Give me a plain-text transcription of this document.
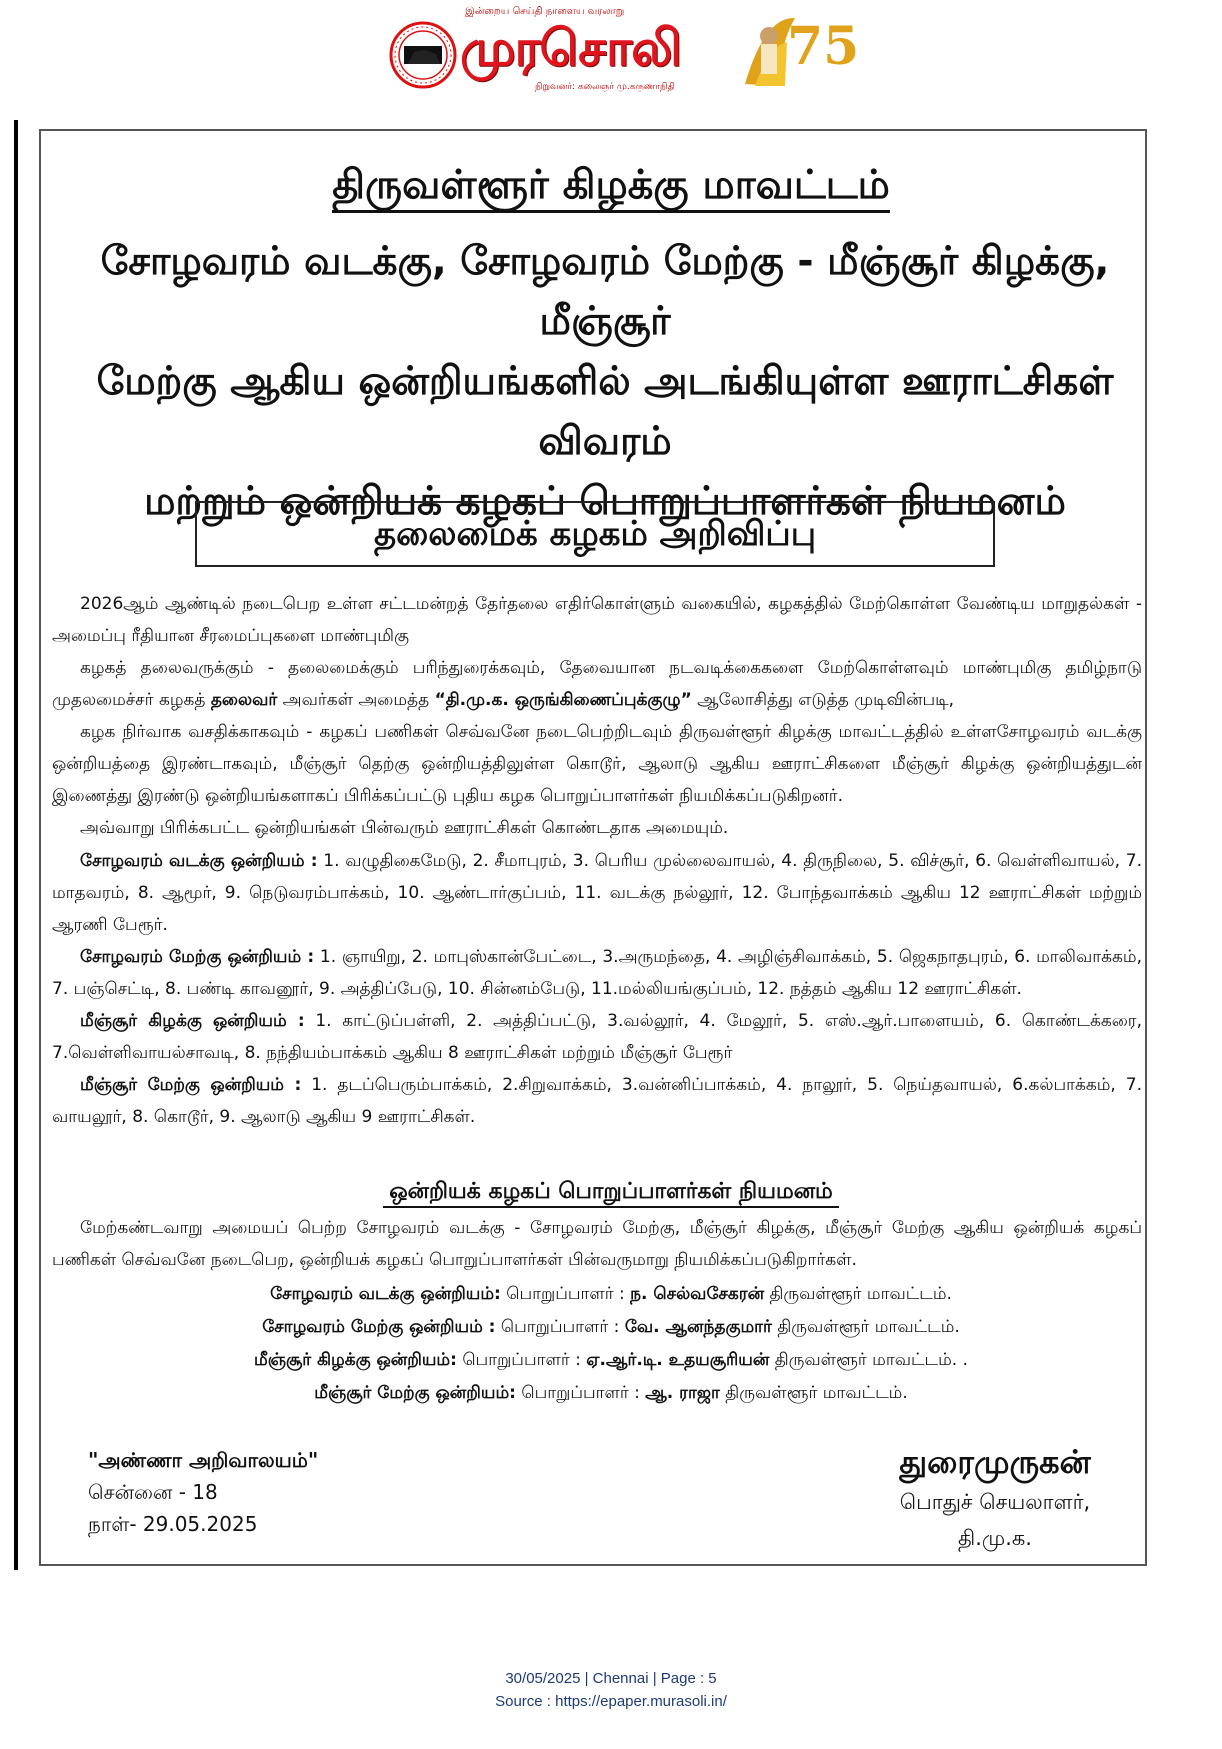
இன்றைய செய்தி நாளைய வரலாறு
முரசொலி
நிறுவனர்: கலைஞர் மு.கருணாநிதி
75
திருவள்ளூர் கிழக்கு மாவட்டம்
சோழவரம் வடக்கு, சோழவரம் மேற்கு - மீஞ்சூர் கிழக்கு, மீஞ்சூர்
மேற்கு ஆகிய ஒன்றியங்களில் அடங்கியுள்ள ஊராட்சிகள் விவரம்
மற்றும் ஒன்றியக் கழகப் பொறுப்பாளர்கள் நியமனம்
தலைமைக் கழகம் அறிவிப்பு

2026ஆம் ஆண்டில் நடைபெற உள்ள சட்டமன்றத் தேர்தலை எதிர்கொள்ளும் வகையில், கழகத்தில் மேற்கொள்ள வேண்டிய மாறுதல்கள் - அமைப்பு ரீதியான சீரமைப்புகளை மாண்புமிகு

கழகத் தலைவருக்கும் - தலைமைக்கும் பரிந்துரைக்கவும், தேவையான நடவடிக்கைகளை மேற்கொள்ளவும் மாண்புமிகு தமிழ்நாடு முதலமைச்சர் கழகத் தலைவர் அவர்கள் அமைத்த “தி.மு.க. ஒருங்கிணைப்புக்குழு” ஆலோசித்து எடுத்த முடிவின்படி,

கழக நிர்வாக வசதிக்காகவும் - கழகப் பணிகள் செவ்வனே நடைபெற்றிடவும் திருவள்ளூர் கிழக்கு மாவட்டத்தில் உள்ளசோழவரம் வடக்கு ஒன்றியத்தை இரண்டாகவும், மீஞ்சூர் தெற்கு ஒன்றியத்திலுள்ள கொடூர், ஆலாடு ஆகிய ஊராட்சிகளை மீஞ்சூர் கிழக்கு ஒன்றியத்துடன் இணைத்து இரண்டு ஒன்றியங்களாகப் பிரிக்கப்பட்டு புதிய கழக பொறுப்பாளர்கள் நியமிக்கப்படுகிறனர்.

அவ்வாறு பிரிக்கபட்ட ஒன்றியங்கள் பின்வரும் ஊராட்சிகள் கொண்டதாக அமையும்.

சோழவரம் வடக்கு ஒன்றியம் : 1. வழுதிகைமேடு, 2. சீமாபுரம், 3. பெரிய முல்லைவாயல், 4. திருநிலை, 5. விச்சூர், 6. வெள்ளிவாயல், 7. மாதவரம், 8. ஆமூர், 9. நெடுவரம்பாக்கம், 10. ஆண்டார்குப்பம், 11. வடக்கு நல்லூர், 12. போந்தவாக்கம் ஆகிய 12 ஊராட்சிகள் மற்றும் ஆரணி பேரூர்.

சோழவரம் மேற்கு ஒன்றியம் : 1. ஞாயிறு, 2. மாபுஸ்கான்பேட்டை, 3.அருமந்தை, 4. அழிஞ்சிவாக்கம், 5. ஜெகநாதபுரம், 6. மாலிவாக்கம், 7. பஞ்செட்டி, 8. பண்டி காவனூர், 9. அத்திப்பேடு, 10. சின்னம்பேடு, 11.மல்லியங்குப்பம், 12. நத்தம் ஆகிய 12 ஊராட்சிகள்.

மீஞ்சூர் கிழக்கு ஒன்றியம் : 1. காட்டுப்பள்ளி, 2. அத்திப்பட்டு, 3.வல்லூர், 4. மேலூர், 5. எஸ்.ஆர்.பாளையம், 6. கொண்டக்கரை, 7.வெள்ளிவாயல்சாவடி, 8. நந்தியம்பாக்கம் ஆகிய 8 ஊராட்சிகள் மற்றும் மீஞ்சூர் பேரூர்

மீஞ்சூர் மேற்கு ஒன்றியம் : 1. தடப்பெரும்பாக்கம், 2.சிறுவாக்கம், 3.வன்னிப்பாக்கம், 4. நாலூர், 5. நெய்தவாயல், 6.கல்பாக்கம், 7. வாயலூர், 8. கொடூர், 9. ஆலாடு ஆகிய 9 ஊராட்சிகள்.

ஒன்றியக் கழகப் பொறுப்பாளர்கள் நியமனம்

மேற்கண்டவாறு அமையப் பெற்ற சோழவரம் வடக்கு - சோழவரம் மேற்கு, மீஞ்சூர் கிழக்கு, மீஞ்சூர் மேற்கு ஆகிய ஒன்றியக் கழகப் பணிகள் செவ்வனே நடைபெற, ஒன்றியக் கழகப் பொறுப்பாளர்கள் பின்வருமாறு நியமிக்கப்படுகிறார்கள்.

சோழவரம் வடக்கு ஒன்றியம்: பொறுப்பாளர் : ந. செல்வசேகரன் திருவள்ளூர் மாவட்டம்.
சோழவரம் மேற்கு ஒன்றியம் : பொறுப்பாளர் : வே. ஆனந்தகுமார் திருவள்ளூர் மாவட்டம்.
மீஞ்சூர் கிழக்கு ஒன்றியம்: பொறுப்பாளர் : ஏ.ஆர்.டி. உதயசூரியன் திருவள்ளூர் மாவட்டம். .
மீஞ்சூர் மேற்கு ஒன்றியம்: பொறுப்பாளர் : ஆ. ராஜா திருவள்ளூர் மாவட்டம்.
"அண்ணா அறிவாலயம்"
சென்னை - 18
நாள்- 29.05.2025
துரைமுருகன்
பொதுச் செயலாளர்,
தி.மு.க.
30/05/2025 | Chennai | Page : 5
Source : https://epaper.murasoli.in/
